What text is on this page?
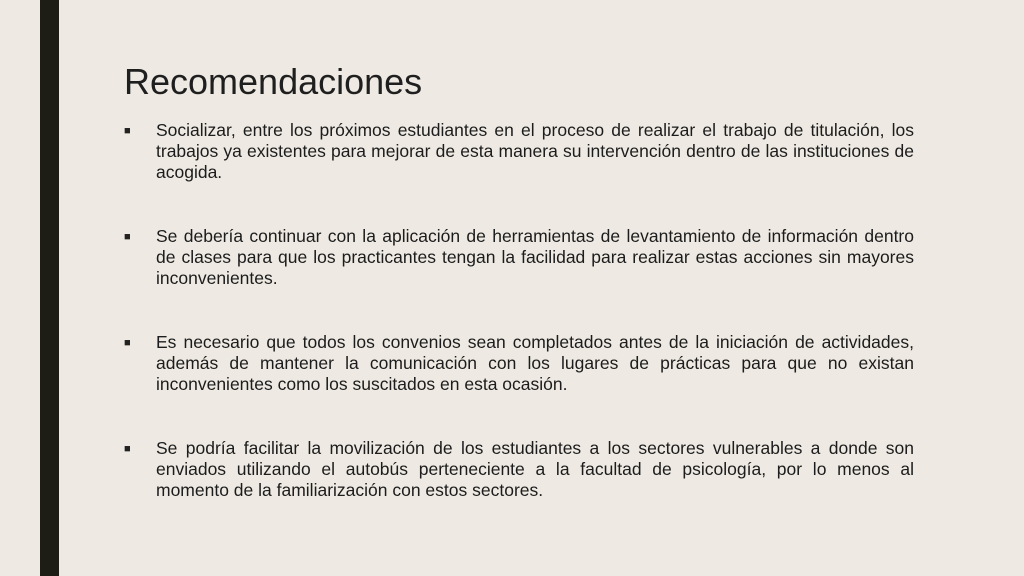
Recomendaciones
■	Socializar, entre los próximos estudiantes en el proceso de realizar el trabajo de titulación, los trabajos ya existentes para mejorar de esta manera su intervención dentro de las instituciones de acogida.
■	Se debería continuar con la aplicación de herramientas de levantamiento de información dentro de clases para que los practicantes tengan la facilidad para realizar estas acciones sin mayores inconvenientes.
■	Es necesario que todos los convenios sean completados antes de la iniciación de actividades, además de mantener la comunicación con los lugares de prácticas para que no existan inconvenientes como los suscitados en esta ocasión.
■	Se podría facilitar la movilización de los estudiantes a los sectores vulnerables a donde son enviados utilizando el autobús perteneciente a la facultad de psicología, por lo menos al momento de la familiarización con estos sectores.
